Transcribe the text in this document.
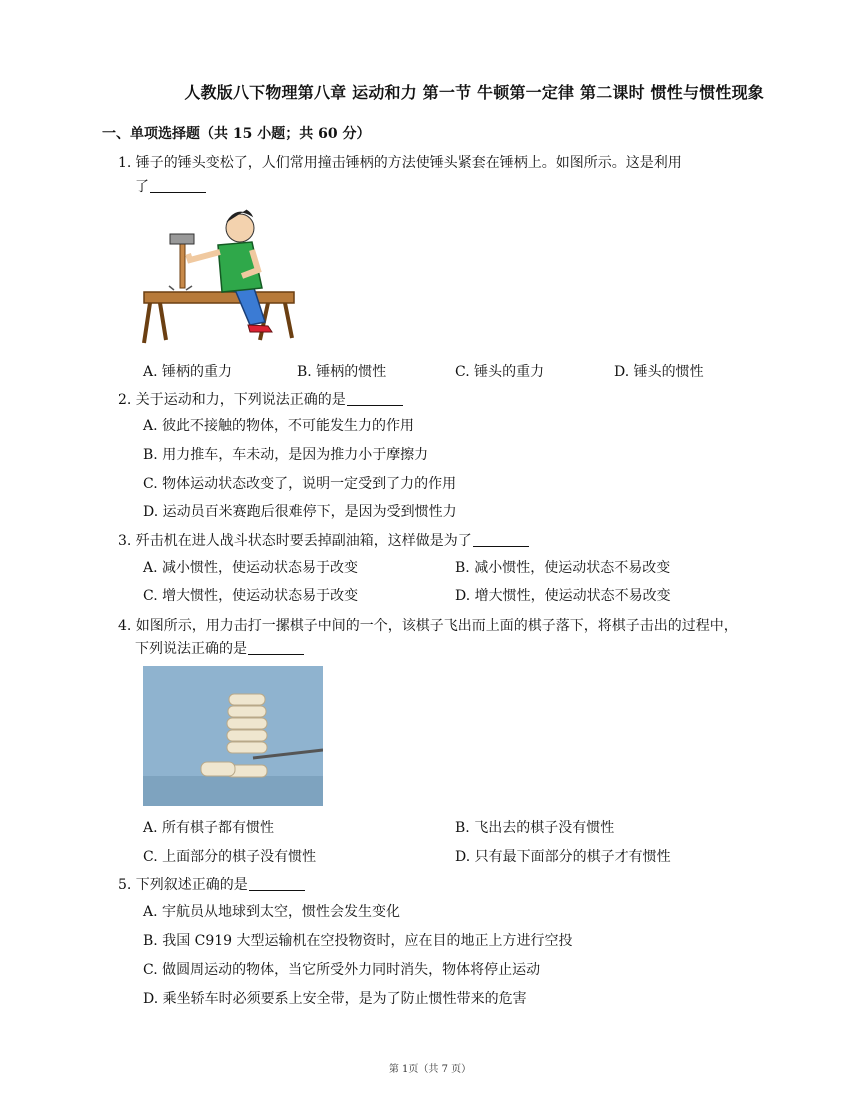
人教版八下物理第八章 运动和力 第一节 牛顿第一定律 第二课时 惯性与惯性现象
一、单项选择题（共 15 小题；共 60 分）
1. 锤子的锤头变松了，人们常用撞击锤柄的方法使锤头紧套在锤柄上。如图所示。这是利用
了
A. 锤柄的重力	B. 锤柄的惯性	C. 锤头的重力	D. 锤头的惯性
2. 关于运动和力，下列说法正确的是
A. 彼此不接触的物体，不可能发生力的作用
B. 用力推车，车未动，是因为推力小于摩擦力
C. 物体运动状态改变了，说明一定受到了力的作用
D. 运动员百米赛跑后很难停下，是因为受到惯性力
3. 歼击机在进人战斗状态时要丢掉副油箱，这样做是为了
A. 减小惯性，使运动状态易于改变	B. 减小惯性，使运动状态不易改变
C. 增大惯性，使运动状态易于改变	D. 增大惯性，使运动状态不易改变
4. 如图所示，用力击打一摞棋子中间的一个，该棋子飞出而上面的棋子落下，将棋子击出的过程中，
下列说法正确的是
A. 所有棋子都有惯性	B. 飞出去的棋子没有惯性
C. 上面部分的棋子没有惯性	D. 只有最下面部分的棋子才有惯性
5. 下列叙述正确的是
A. 宇航员从地球到太空，惯性会发生变化
B. 我国 C919 大型运输机在空投物资时，应在目的地正上方进行空投
C. 做圆周运动的物体，当它所受外力同时消失，物体将停止运动
D. 乘坐轿车时必须要系上安全带，是为了防止惯性带来的危害
第 1页（共 7 页）
